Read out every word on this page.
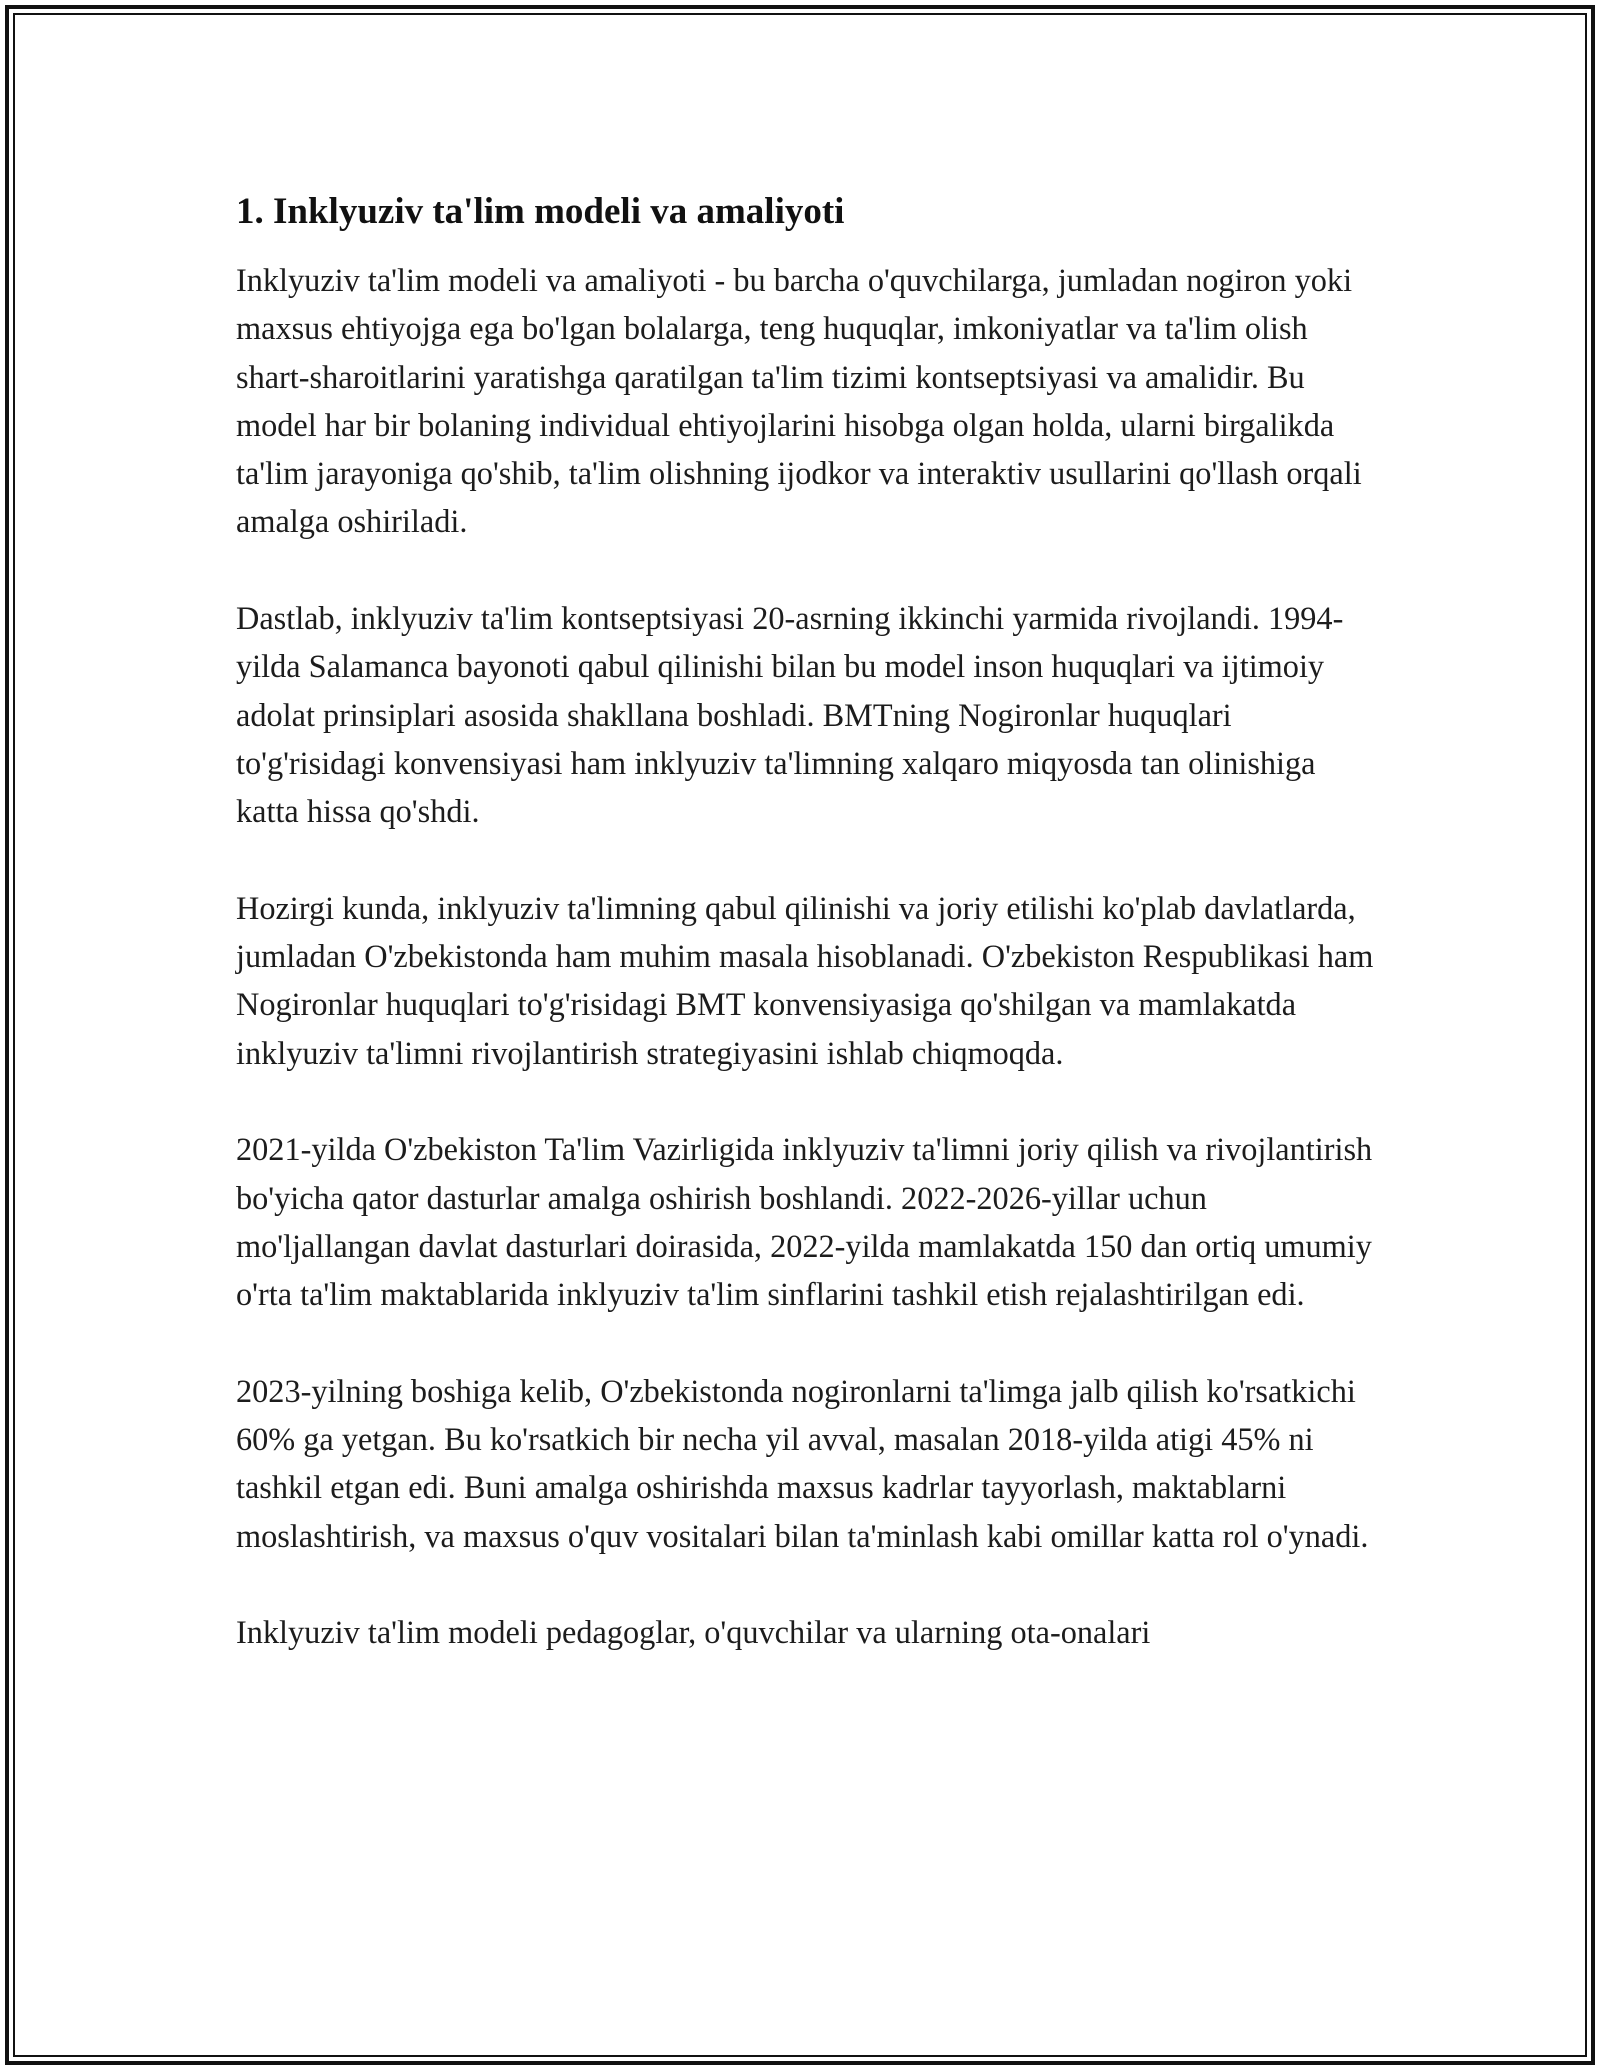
1. Inklyuziv ta'lim modeli va amaliyoti

Inklyuziv ta'lim modeli va amaliyoti - bu barcha o'quvchilarga, jumladan nogiron yoki maxsus ehtiyojga ega bo'lgan bolalarga, teng huquqlar, imkoniyatlar va ta'lim olish shart-sharoitlarini yaratishga qaratilgan ta'lim tizimi kontseptsiyasi va amalidir. Bu model har bir bolaning individual ehtiyojlarini hisobga olgan holda, ularni birgalikda ta'lim jarayoniga qo'shib, ta'lim olishning ijodkor va interaktiv usullarini qo'llash orqali amalga oshiriladi.

Dastlab, inklyuziv ta'lim kontseptsiyasi 20-asrning ikkinchi yarmida rivojlandi. 1994-yilda Salamanca bayonoti qabul qilinishi bilan bu model inson huquqlari va ijtimoiy adolat prinsiplari asosida shakllana boshladi. BMTning Nogironlar huquqlari to'g'risidagi konvensiyasi ham inklyuziv ta'limning xalqaro miqyosda tan olinishiga katta hissa qo'shdi.

Hozirgi kunda, inklyuziv ta'limning qabul qilinishi va joriy etilishi ko'plab davlatlarda, jumladan O'zbekistonda ham muhim masala hisoblanadi. O'zbekiston Respublikasi ham Nogironlar huquqlari to'g'risidagi BMT konvensiyasiga qo'shilgan va mamlakatda inklyuziv ta'limni rivojlantirish strategiyasini ishlab chiqmoqda.

2021-yilda O'zbekiston Ta'lim Vazirligida inklyuziv ta'limni joriy qilish va rivojlantirish bo'yicha qator dasturlar amalga oshirish boshlandi. 2022-2026-yillar uchun mo'ljallangan davlat dasturlari doirasida, 2022-yilda mamlakatda 150 dan ortiq umumiy o'rta ta'lim maktablarida inklyuziv ta'lim sinflarini tashkil etish rejalashtirilgan edi.

2023-yilning boshiga kelib, O'zbekistonda nogironlarni ta'limga jalb qilish ko'rsatkichi 60% ga yetgan. Bu ko'rsatkich bir necha yil avval, masalan 2018-yilda atigi 45% ni tashkil etgan edi. Buni amalga oshirishda maxsus kadrlar tayyorlash, maktablarni moslashtirish, va maxsus o'quv vositalari bilan ta'minlash kabi omillar katta rol o'ynadi.

Inklyuziv ta'lim modeli pedagoglar, o'quvchilar va ularning ota-onalari
